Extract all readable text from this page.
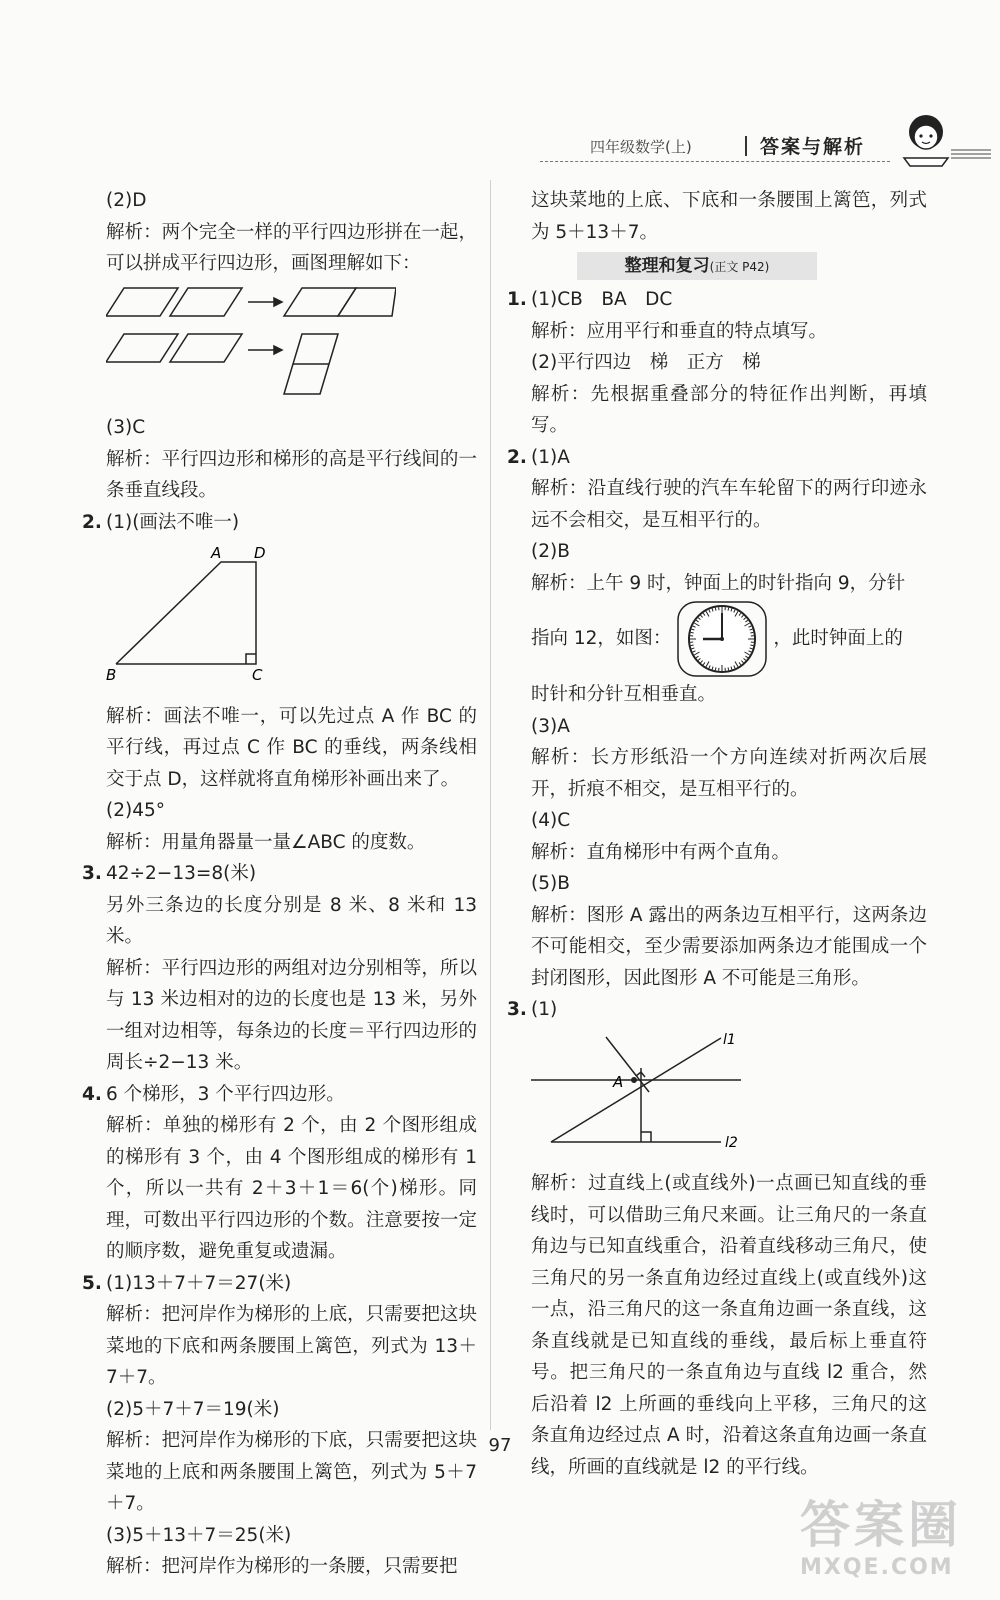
四年级数学(上)	答案与解析

(2)D

解析：两个完全一样的平行四边形拼在一起，可以拼成平行四边形，画图理解如下：

(3)C

解析：平行四边形和梯形的高是平行线间的一条垂直线段。

2. (1)(画法不唯一)

A D
B	C

解析：画法不唯一，可以先过点 A 作 BC 的平行线，再过点 C 作 BC 的垂线，两条线相交于点 D，这样就将直角梯形补画出来了。

(2)45°

解析：用量角器量一量∠ABC 的度数。

3. 42÷2−13=8(米)

另外三条边的长度分别是 8 米、8 米和 13 米。

解析：平行四边形的两组对边分别相等，所以与 13 米边相对的边的长度也是 13 米，另外一组对边相等，每条边的长度＝平行四边形的周长÷2−13 米。

4. 6 个梯形，3 个平行四边形。

解析：单独的梯形有 2 个，由 2 个图形组成的梯形有 3 个，由 4 个图形组成的梯形有 1 个，所以一共有 2＋3＋1＝6(个)梯形。同理，可数出平行四边形的个数。注意要按一定的顺序数，避免重复或遗漏。

5. (1)13＋7＋7＝27(米)

解析：把河岸作为梯形的上底，只需要把这块菜地的下底和两条腰围上篱笆，列式为 13＋7＋7。

(2)5＋7＋7＝19(米)

解析：把河岸作为梯形的下底，只需要把这块菜地的上底和两条腰围上篱笆，列式为 5＋7＋7。

(3)5＋13＋7＝25(米)

解析：把河岸作为梯形的一条腰，只需要把

这块菜地的上底、下底和一条腰围上篱笆，列式为 5＋13＋7。

整理和复习(正文 P42)
1. (1)CB　BA　DC

解析：应用平行和垂直的特点填写。

(2)平行四边　梯　正方　梯

解析：先根据重叠部分的特征作出判断，再填写。

2. (1)A

解析：沿直线行驶的汽车车轮留下的两行印迹永远不会相交，是互相平行的。

(2)B

解析：上午 9 时，钟面上的时针指向 9，分针

指向 12，如图：	，此时钟面上的

时针和分针互相垂直。

(3)A

解析：长方形纸沿一个方向连续对折两次后展开，折痕不相交，是互相平行的。

(4)C

解析：直角梯形中有两个直角。

(5)B

解析：图形 A 露出的两条边互相平行，这两条边不可能相交，至少需要添加两条边才能围成一个封闭图形，因此图形 A 不可能是三角形。

3. (1)

A
l1
l2

解析：过直线上(或直线外)一点画已知直线的垂线时，可以借助三角尺来画。让三角尺的一条直角边与已知直线重合，沿着直线移动三角尺，使三角尺的另一条直角边经过直线上(或直线外)这一点，沿三角尺的这一条直角边画一条直线，这条直线就是已知直线的垂线，最后标上垂直符号。把三角尺的一条直角边与直线 l2 重合，然后沿着 l2 上所画的垂线向上平移，三角尺的这条直角边经过点 A 时，沿着这条直角边画一条直线，所画的直线就是 l2 的平行线。

97
答案圈
MXQE.COM
